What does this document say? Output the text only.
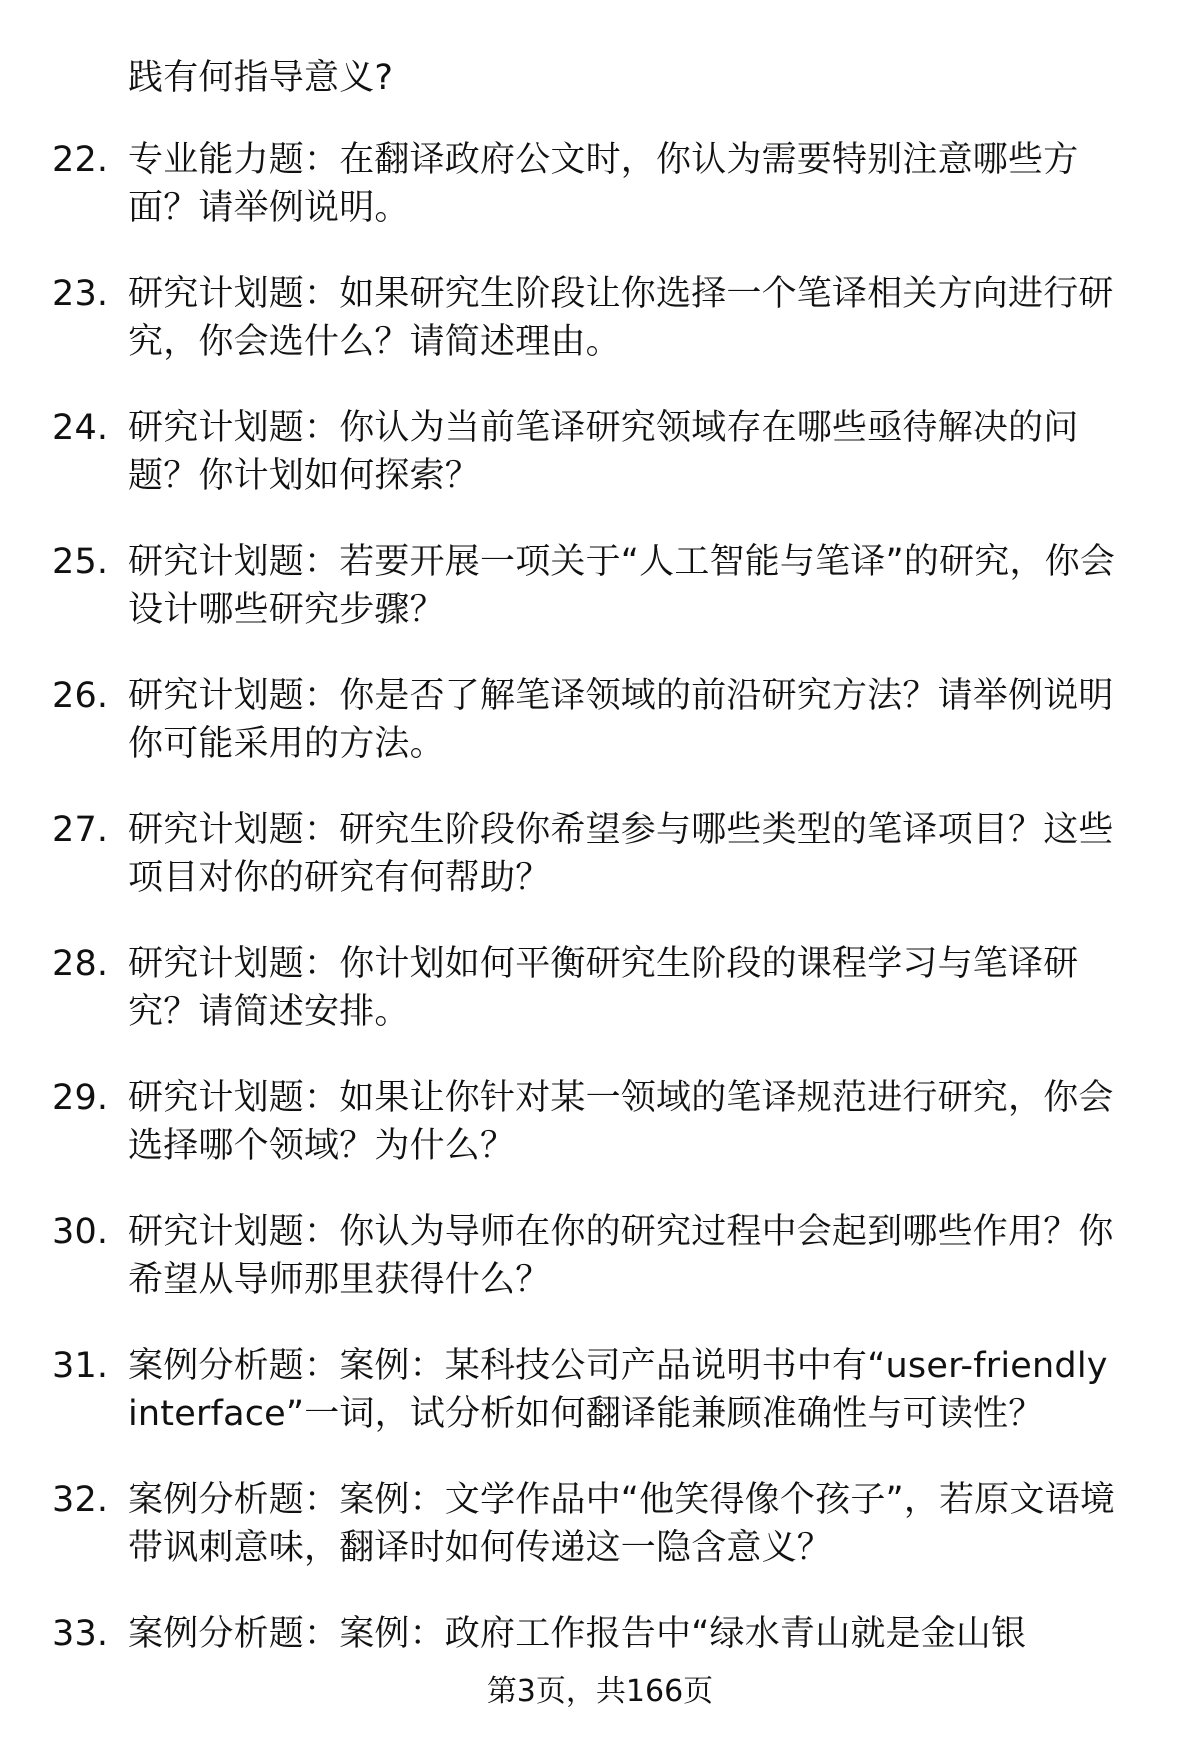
践有何指导意义?
22. 专业能力题：在翻译政府公文时，你认为需要特别注意哪些方面？请举例说明。
23. 研究计划题：如果研究生阶段让你选择一个笔译相关方向进行研究，你会选什么？请简述理由。
24. 研究计划题：你认为当前笔译研究领域存在哪些亟待解决的问题？你计划如何探索？
25. 研究计划题：若要开展一项关于“人工智能与笔译”的研究，你会设计哪些研究步骤？
26. 研究计划题：你是否了解笔译领域的前沿研究方法？请举例说明你可能采用的方法。
27. 研究计划题：研究生阶段你希望参与哪些类型的笔译项目？这些项目对你的研究有何帮助？
28. 研究计划题：你计划如何平衡研究生阶段的课程学习与笔译研究？请简述安排。
29. 研究计划题：如果让你针对某一领域的笔译规范进行研究，你会选择哪个领域？为什么？
30. 研究计划题：你认为导师在你的研究过程中会起到哪些作用？你希望从导师那里获得什么？
31. 案例分析题：案例：某科技公司产品说明书中有“user-friendly interface”一词，试分析如何翻译能兼顾准确性与可读性？
32. 案例分析题：案例：文学作品中“他笑得像个孩子”，若原文语境带讽刺意味，翻译时如何传递这一隐含意义？
33. 案例分析题：案例：政府工作报告中“绿水青山就是金山银
第3页，共166页
